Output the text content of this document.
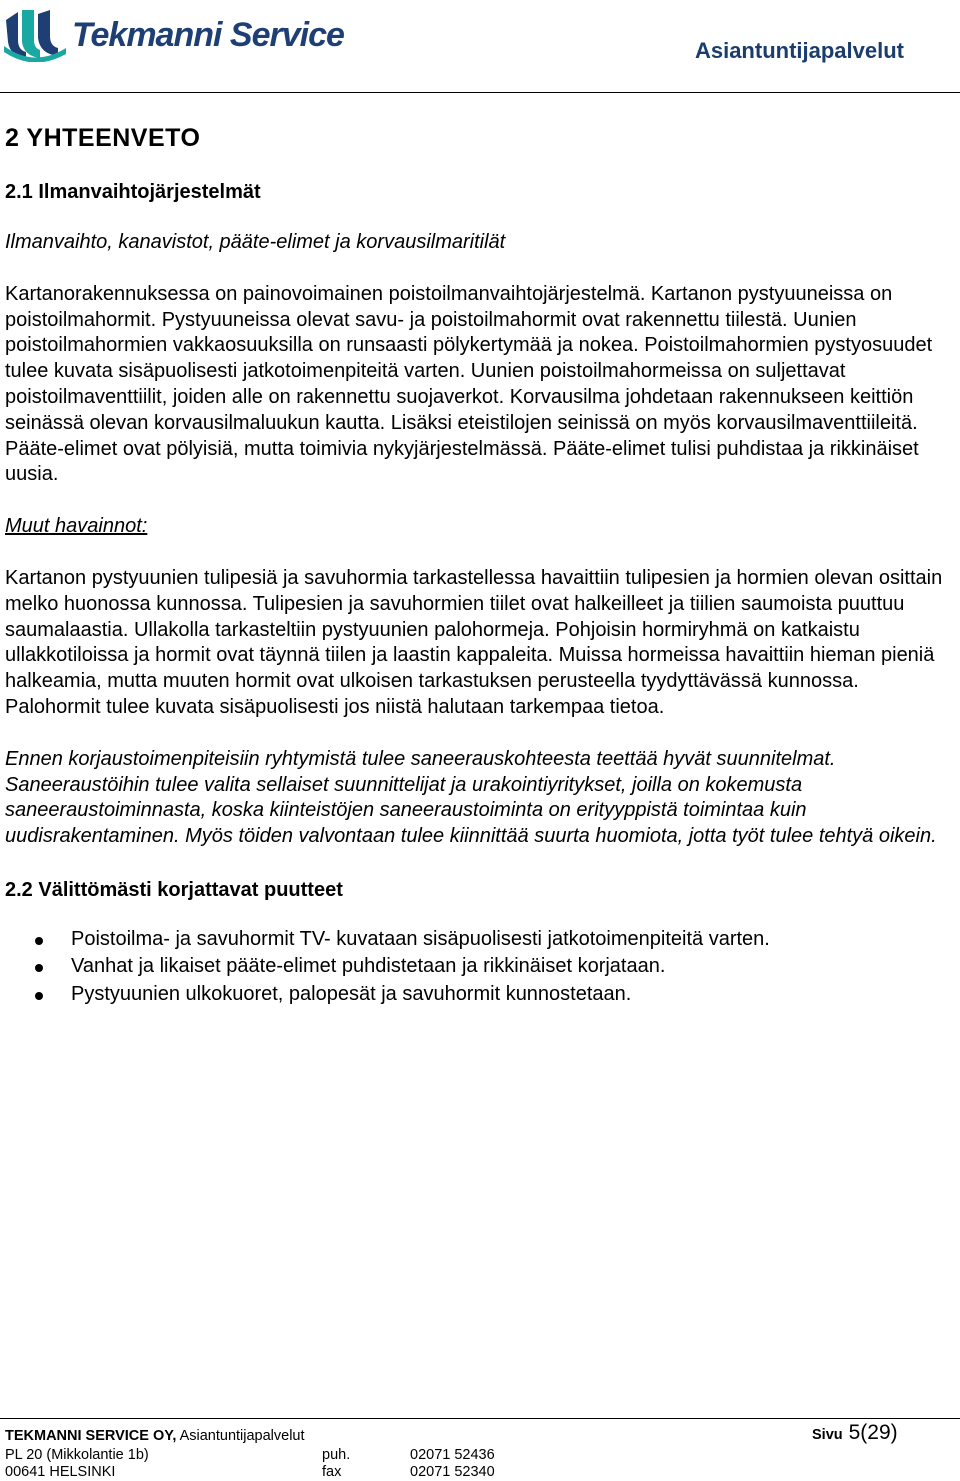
Tekmanni Service	Asiantuntijapalvelut
2 YHTEENVETO
2.1 Ilmanvaihtojärjestelmät

Ilmanvaihto, kanavistot, pääte-elimet ja korvausilmaritilät

Kartanorakennuksessa on painovoimainen poistoilmanvaihtojärjestelmä. Kartanon pystyuuneissa on poistoilmahormit. Pystyuuneissa olevat savu- ja poistoilmahormit ovat rakennettu tiilestä. Uunien poistoilmahormien vakkaosuuksilla on runsaasti pölykertymää ja nokea. Poistoilmahormien pystyosuudet tulee kuvata sisäpuolisesti jatkotoimenpiteitä varten. Uunien poistoilmahormeissa on suljettavat poistoilmaventtiilit, joiden alle on rakennettu suojaverkot. Korvausilma johdetaan rakennukseen keittiön seinässä olevan korvausilmaluukun kautta. Lisäksi eteistilojen seinissä on myös korvausilmaventtiileitä. Pääte-elimet ovat pölyisiä, mutta toimivia nykyjärjestelmässä. Pääte-elimet tulisi puhdistaa ja rikkinäiset uusia.

Muut havainnot:

Kartanon pystyuunien tulipesiä ja savuhormia tarkastellessa havaittiin tulipesien ja hormien olevan osittain melko huonossa kunnossa. Tulipesien ja savuhormien tiilet ovat halkeilleet ja tiilien saumoista puuttuu saumalaastia. Ullakolla tarkasteltiin pystyuunien palohormeja. Pohjoisin hormiryhmä on katkaistu ullakkotiloissa ja hormit ovat täynnä tiilen ja laastin kappaleita. Muissa hormeissa havaittiin hieman pieniä halkeamia, mutta muuten hormit ovat ulkoisen tarkastuksen perusteella tyydyttävässä kunnossa. Palohormit tulee kuvata sisäpuolisesti jos niistä halutaan tarkempaa tietoa.

Ennen korjaustoimenpiteisiin ryhtymistä tulee saneerauskohteesta teettää hyvät suunnitelmat. Saneeraustöihin tulee valita sellaiset suunnittelijat ja urakointiyritykset, joilla on kokemusta saneeraustoiminnasta, koska kiinteistöjen saneeraustoiminta on erityyppistä toimintaa kuin uudisrakentaminen. Myös töiden valvontaan tulee kiinnittää suurta huomiota, jotta työt tulee tehtyä oikein.

2.2 Välittömästi korjattavat puutteet
Poistoilma- ja savuhormit TV- kuvataan sisäpuolisesti jatkotoimenpiteitä varten.
Vanhat ja likaiset pääte-elimet puhdistetaan ja rikkinäiset korjataan.
Pystyuunien ulkokuoret, palopesät ja savuhormit kunnostetaan.
TEKMANNI SERVICE OY, Asiantuntijapalvelut	Sivu 5(29)
PL 20 (Mikkolantie 1b)
00641 HELSINKI
puh.
fax
02071 52436
02071 52340
